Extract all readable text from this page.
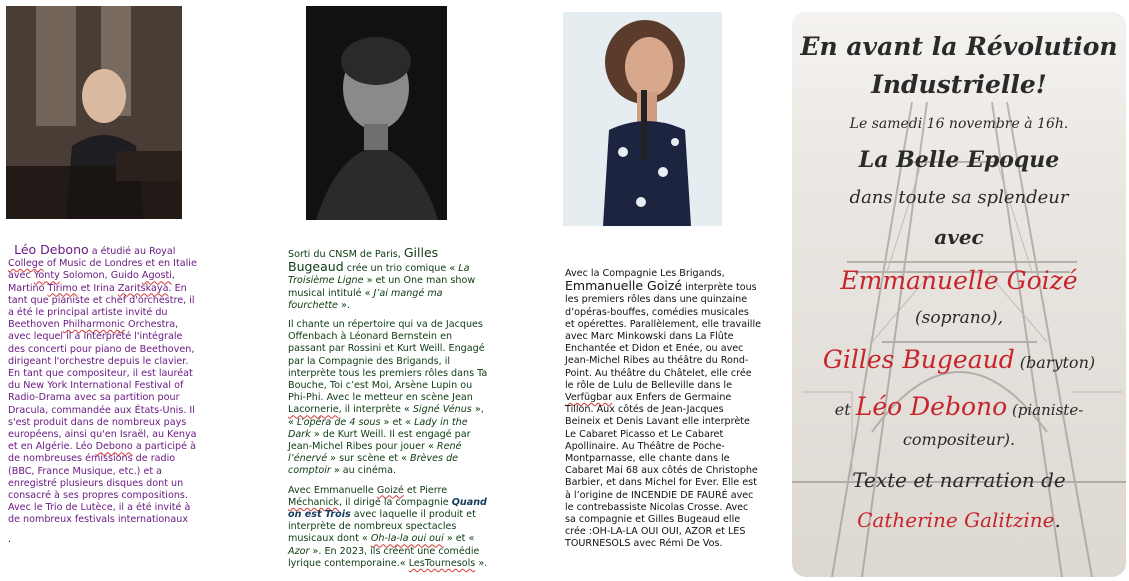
Léo Debono a étudié au Royal College of Music de Londres et en Italie avec Yonty Solomon, Guido Agosti, Martino Tirimo et Irina Zaritskaya. En tant que pianiste et chef d'orchestre, il a été le principal artiste invité du Beethoven Philharmonic Orchestra, avec lequel il a interprété l'intégrale des concerti pour piano de Beethoven, dirigeant l'orchestre depuis le clavier. En tant que compositeur, il est lauréat du New York International Festival of Radio-Drama avec sa partition pour Dracula, commandée aux États-Unis. Il s'est produit dans de nombreux pays européens, ainsi qu'en Israël, au Kenya et en Algérie. Léo Debono a participé à de nombreuses émissions de radio (BBC, France Musique, etc.) et a enregistré plusieurs disques dont un consacré à ses propres compositions. Avec le Trio de Lutèce, il a été invité à de nombreux festivals internationaux

.

Sorti du CNSM de Paris, Gilles Bugeaud crée un trio comique « La Troisième Ligne » et un One man show musical intitulé « J’ai mangé ma fourchette ».

Il chante un répertoire qui va de Jacques Offenbach à Léonard Bernstein en passant par Rossini et Kurt Weill. Engagé par la Compagnie des Brigands, il interprète tous les premiers rôles dans Ta Bouche, Toi c’est Moi, Arsène Lupin ou Phi-Phi. Avec le metteur en scène Jean Lacornerie, il interprète « Signé Vénus », « L’opéra de 4 sous » et « Lady in the Dark » de Kurt Weill. Il est engagé par Jean-Michel Ribes pour jouer « René l’énervé » sur scène et « Brèves de comptoir » au cinéma.

Avec Emmanuelle Goizé et Pierre Méchanick, il dirige la compagnie Quand on est Trois avec laquelle il produit et interprète de nombreux spectacles musicaux dont « Oh-la-la oui oui » et « Azor ». En 2023, ils créent une comédie lyrique contemporaine.« LesTournesols ».

Avec la Compagnie Les Brigands, Emmanuelle Goizé interprète tous les premiers rôles dans une quinzaine d’opéras-bouffes, comédies musicales et opérettes. Parallèlement, elle travaille avec Marc Minkowski dans La Flûte Enchantée et Didon et Enée, ou avec Jean-Michel Ribes au théâtre du Rond-Point. Au théâtre du Châtelet, elle crée le rôle de Lulu de Belleville dans le Verfügbar aux Enfers de Germaine Tillon. Aux côtés de Jean-Jacques Beineix et Denis Lavant elle interprète Le Cabaret Picasso et Le Cabaret Apollinaire. Au Théâtre de Poche-Montparnasse, elle chante dans le Cabaret Mai 68 aux côtés de Christophe Barbier, et dans Michel for Ever. Elle est à l’origine de INCENDIE DE FAURÉ avec le contrebassiste Nicolas Crosse. Avec sa compagnie et Gilles Bugeaud elle crée :OH-LA-LA OUI OUI, AZOR et LES TOURNESOLS avec Rémi De Vos.

En avant la Révolution
Industrielle!
Le samedi 16 novembre à 16h.
La Belle Epoque
dans toute sa splendeur
avec
Emmanuelle Goizé
(soprano),
Gilles Bugeaud (baryton)
et Léo Debono (pianiste-
compositeur).
Texte et narration de
Catherine Galitzine.
